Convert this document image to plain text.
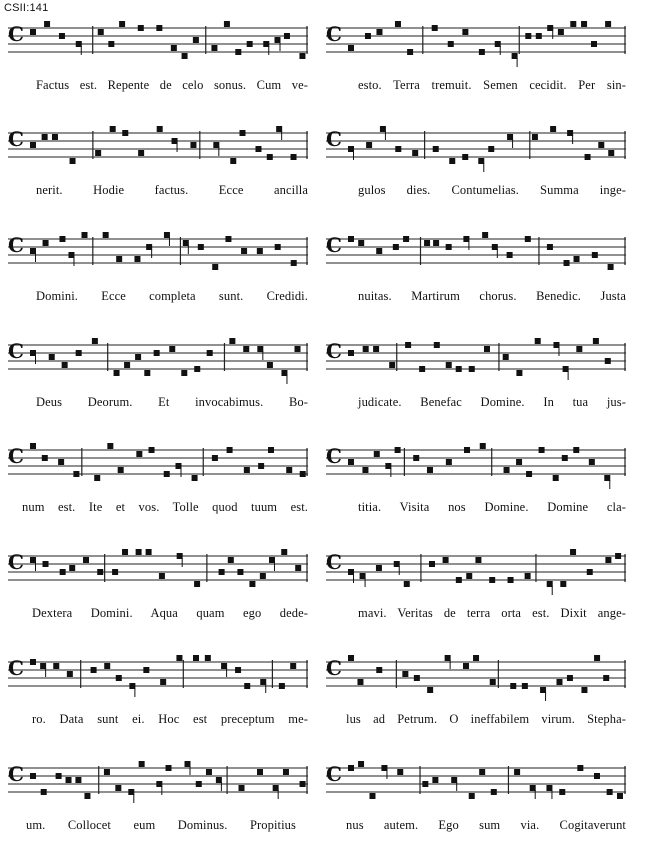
CSII:141
C
Factus est. Repente de celo sonus. Cum ve-
C
nerit. Hodie factus. Ecce ancilla
C
Domini. Ecce completa sunt. Credidi.
C
Deus Deorum. Et invocabimus. Bo-
C
num est. Ite et vos. Tolle quod tuum est.
C
Dextera Domini. Aqua quam ego dede-
C
ro. Data sunt ei. Hoc est preceptum me-
C
um. Collocet eum Dominus. Propitius
C
esto. Terra tremuit. Semen cecidit. Per sin-
C
gulos dies. Contumelias. Summa inge-
C
nuitas. Martirum chorus. Benedic. Justa
C
judicate. Benefac Domine. In tua jus-
C
titia. Visita nos Domine. Domine cla-
C
mavi. Veritas de terra orta est. Dixit ange-
C
lus ad Petrum. O ineffabilem virum. Stepha-
C
nus autem. Ego sum via. Cogitaverunt
